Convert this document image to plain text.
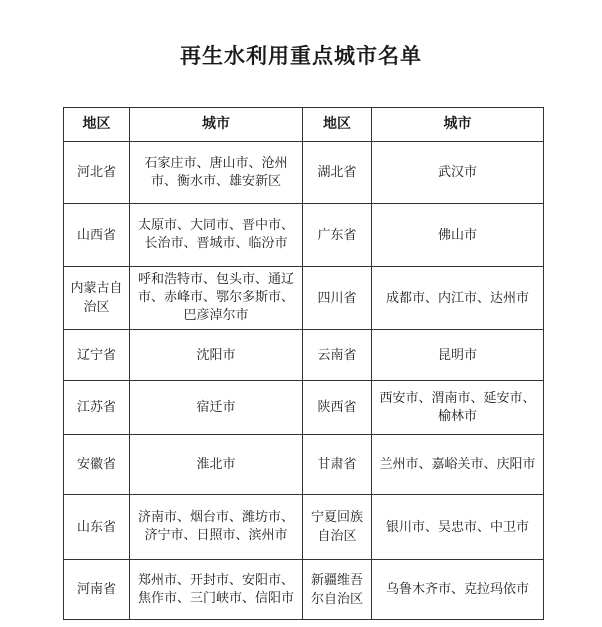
再生水利用重点城市名单
地区	城市	地区	城市
河北省	石家庄市、唐山市、沧州市、衡水市、雄安新区	湖北省	武汉市
山西省	太原市、大同市、晋中市、长治市、晋城市、临汾市	广东省	佛山市
内蒙古自治区	呼和浩特市、包头市、通辽市、赤峰市、鄂尔多斯市、巴彦淖尔市	四川省	成都市、内江市、达州市
辽宁省	沈阳市	云南省	昆明市
江苏省	宿迁市	陕西省	西安市、渭南市、延安市、榆林市
安徽省	淮北市	甘肃省	兰州市、嘉峪关市、庆阳市
山东省	济南市、烟台市、潍坊市、济宁市、日照市、滨州市	宁夏回族自治区	银川市、吴忠市、中卫市
河南省	郑州市、开封市、安阳市、焦作市、三门峡市、信阳市	新疆维吾尔自治区	乌鲁木齐市、克拉玛依市
